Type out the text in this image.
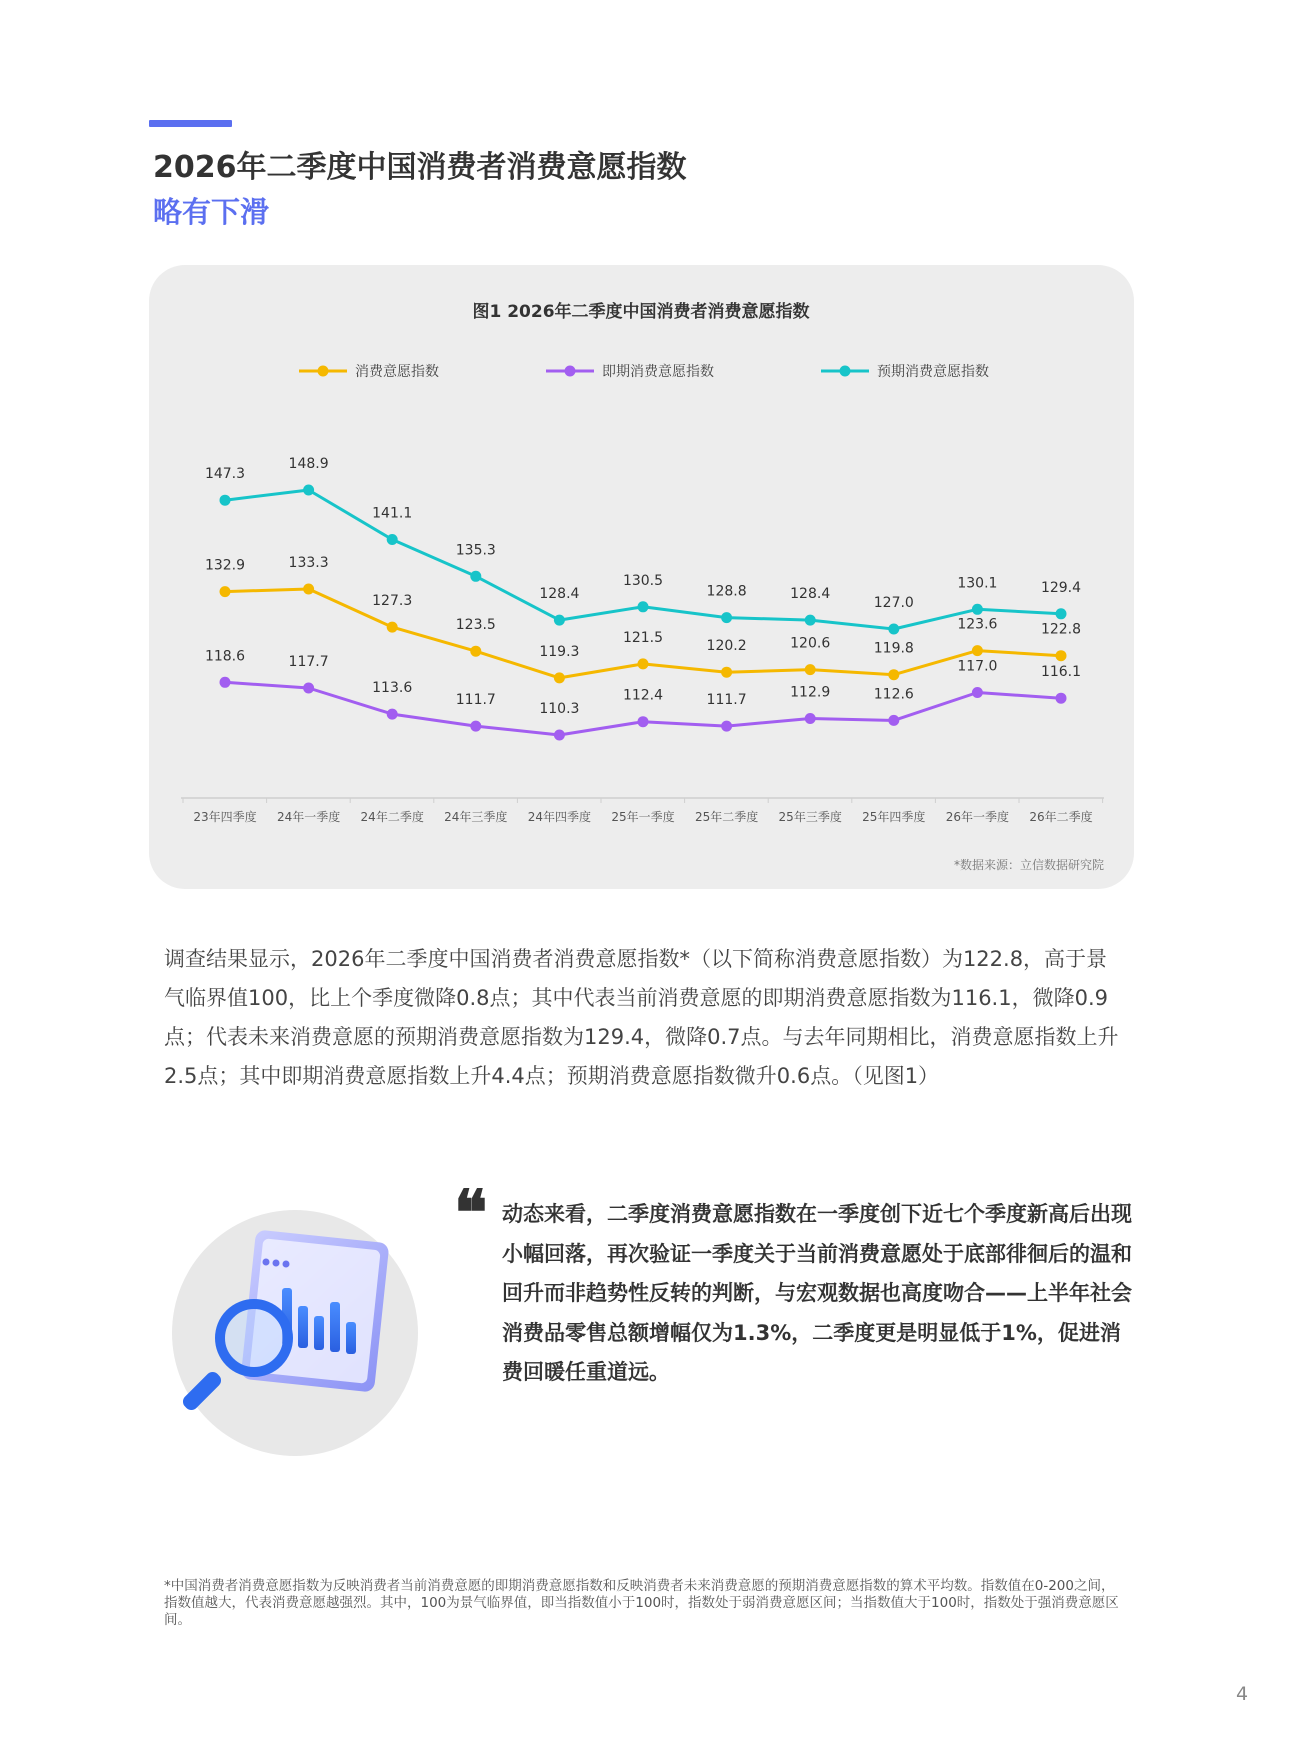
2026年二季度中国消费者消费意愿指数
略有下滑
图1 2026年二季度中国消费者消费意愿指数
消费意愿指数	即期消费意愿指数	预期消费意愿指数
23年四季度 24年一季度 24年二季度 24年三季度 24年四季度 25年一季度 25年二季度 25年三季度 25年四季度 26年一季度 26年二季度
132.9	133.3
127.3
123.5
119.3
121.5
120.2	120.6	119.8
123.6	122.8
118.6	117.7
113.6
111.7
110.3
112.4	111.7	112.9	112.6
117.0	116.1
147.3
148.9
141.1
135.3
128.4
130.5
128.8	128.4
127.0
130.1	129.4
*数据来源：立信数据研究院

调查结果显示，2026年二季度中国消费者消费意愿指数*（以下简称消费意愿指数）为122.8，高于景气临界值100，比上个季度微降0.8点；其中代表当前消费意愿的即期消费意愿指数为116.1，微降0.9点；代表未来消费意愿的预期消费意愿指数为129.4，微降0.7点。与去年同期相比，消费意愿指数上升2.5点；其中即期消费意愿指数上升4.4点；预期消费意愿指数微升0.6点。（见图1）

❝ 动态来看，二季度消费意愿指数在一季度创下近七个季度新高后出现小幅回落，再次验证一季度关于当前消费意愿处于底部徘徊后的温和回升而非趋势性反转的判断，与宏观数据也高度吻合——上半年社会消费品零售总额增幅仅为1.3%，二季度更是明显低于1%，促进消费回暖任重道远。
*中国消费者消费意愿指数为反映消费者当前消费意愿的即期消费意愿指数和反映消费者未来消费意愿的预期消费意愿指数的算术平均数。指数值在0-200之间，指数值越大，代表消费意愿越强烈。其中，100为景气临界值，即当指数值小于100时，指数处于弱消费意愿区间；当指数值大于100时，指数处于强消费意愿区间。
4
